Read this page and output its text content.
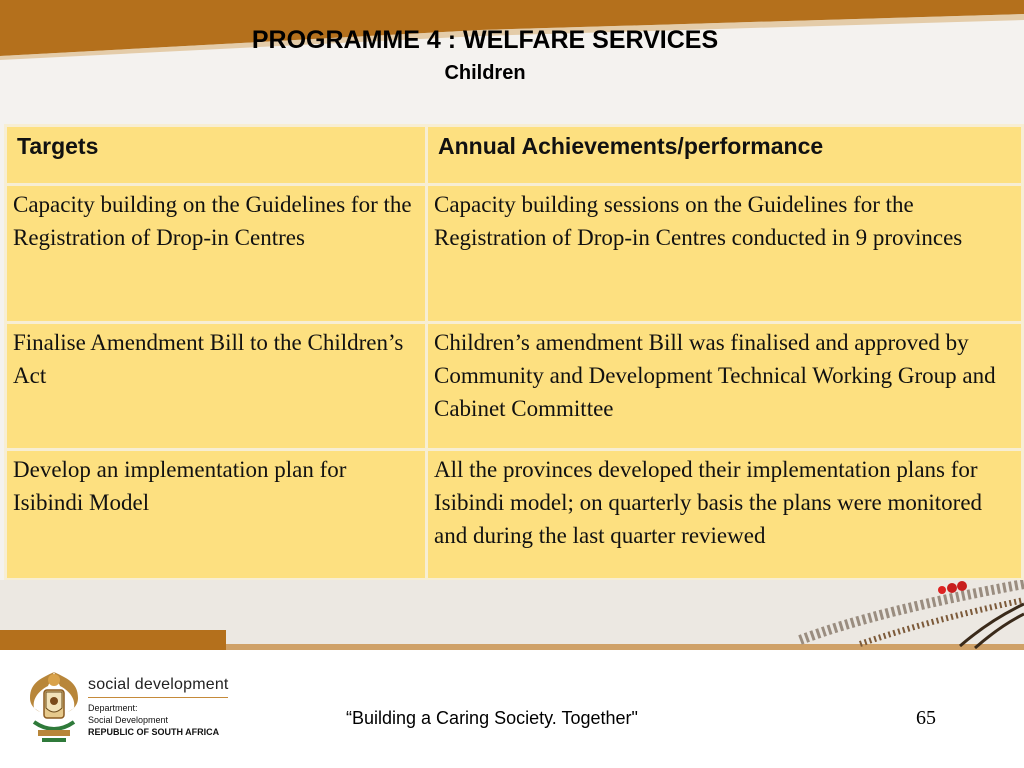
PROGRAMME 4 : WELFARE SERVICES
Children
Targets	Annual Achievements/performance
Capacity building on the Guidelines for the Registration of Drop-in Centres	Capacity building sessions on the Guidelines for the Registration of Drop-in Centres conducted in 9 provinces
Finalise Amendment Bill to the Children’s Act	Children’s amendment Bill was finalised and approved by Community and Development Technical Working Group and Cabinet Committee
Develop an implementation plan for Isibindi Model	All the provinces developed their implementation plans for Isibindi model; on quarterly basis the plans were monitored and during the last quarter reviewed
social development
Department:
Social Development
REPUBLIC OF SOUTH AFRICA
“Building a Caring Society. Together"	65
